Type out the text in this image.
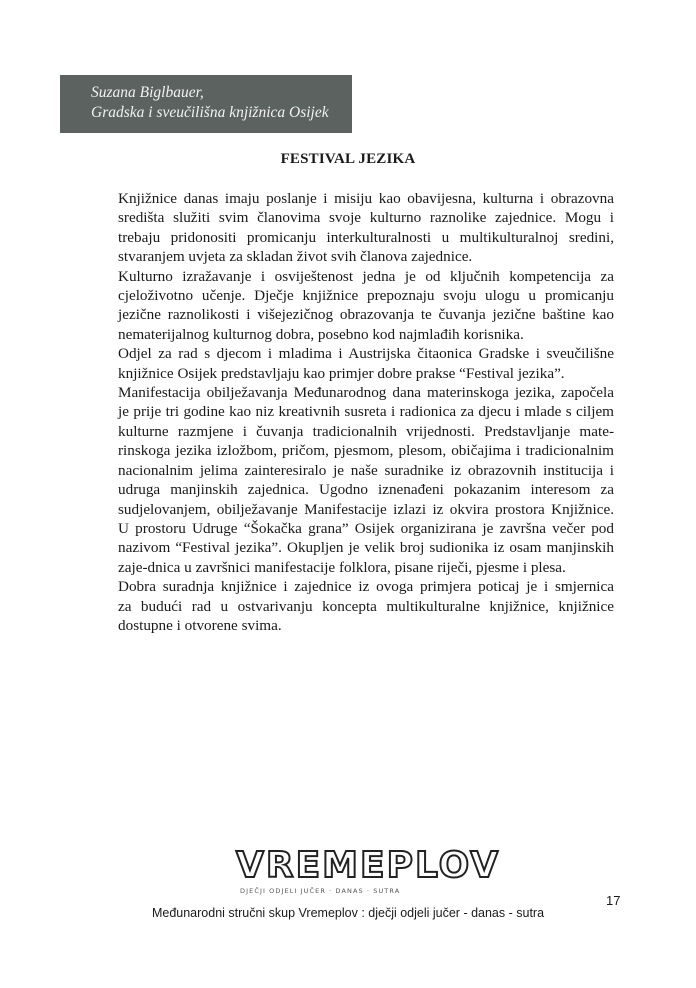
Suzana Biglbauer,
Gradska i sveučilišna knjižnica Osijek
FESTIVAL JEZIKA
Knjižnice danas imaju poslanje i misiju kao obavijesna, kulturna i obrazovna
središta služiti svim članovima svoje kulturno raznolike zajednice. Mogu i
trebaju pridonositi promicanju interkulturalnosti u multikulturalnoj sredini,
stvaranjem uvjeta za skladan život svih članova zajednice.
Kulturno izražavanje i osviještenost jedna je od ključnih kompetencija za
cjeloživotno učenje. Dječje knjižnice prepoznaju svoju ulogu u promicanju
jezične raznolikosti i višejezičnog obrazovanja te čuvanja jezične baštine kao
nematerijalnog kulturnog dobra, posebno kod najmlađih korisnika.
Odjel za rad s djecom i mladima i Austrijska čitaonica Gradske i sveučilišne
knjižnice Osijek predstavljaju kao primjer dobre prakse “Festival jezika”.
Manifestacija obilježavanja Međunarodnog dana materinskoga jezika, započela
je prije tri godine kao niz kreativnih susreta i radionica za djecu i mlade s ciljem
kulturne razmjene i čuvanja tradicionalnih vrijednosti. Predstavljanje mate-
rinskoga jezika izložbom, pričom, pjesmom, plesom, običajima i tradicionalnim
nacionalnim jelima zainteresiralo je naše suradnike iz obrazovnih institucija i
udruga manjinskih zajednica. Ugodno iznenađeni pokazanim interesom za
sudjelovanjem, obilježavanje Manifestacije izlazi iz okvira prostora Knjižnice.
U prostoru Udruge “Šokačka grana” Osijek organizirana je završna večer pod
nazivom “Festival jezika”. Okupljen je velik broj sudionika iz osam manjinskih
zaje-dnica u završnici manifestacije folklora, pisane riječi, pjesme i plesa.
Dobra suradnja knjižnice i zajednice iz ovoga primjera poticaj je i smjernica
za budući rad u ostvarivanju koncepta multikulturalne knjižnice, knjižnice
dostupne i otvorene svima.
VREMEPLOV
DJEČJI ODJELI JUČER · DANAS · SUTRA
Međunarodni stručni skup Vremeplov : dječji odjeli jučer - danas - sutra
17
